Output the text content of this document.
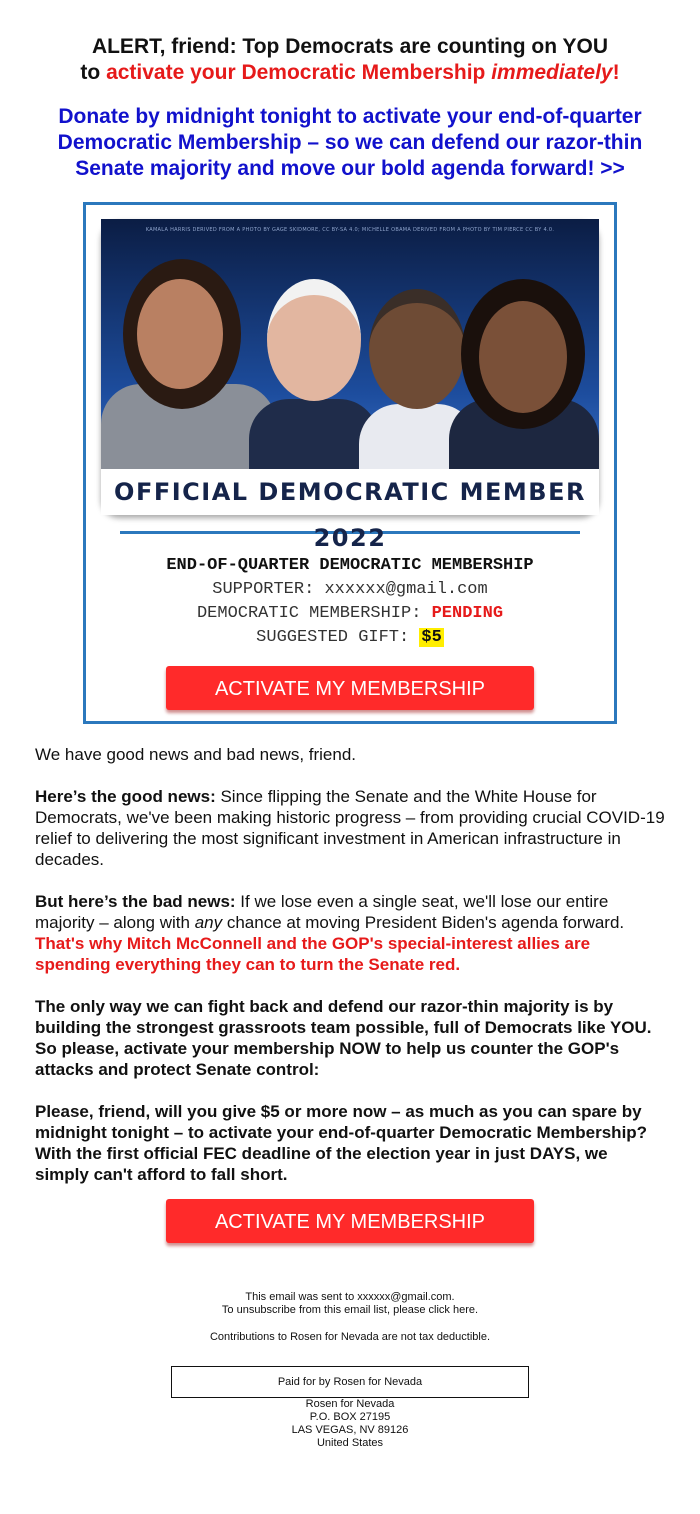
ALERT, friend: Top Democrats are counting on YOU
to activate your Democratic Membership immediately!

Donate by midnight tonight to activate your end-of-quarter Democratic Membership – so we can defend our razor-thin Senate majority and move our bold agenda forward! >>

KAMALA HARRIS DERIVED FROM A PHOTO BY GAGE SKIDMORE, CC BY-SA 4.0; MICHELLE OBAMA DERIVED FROM A PHOTO BY TIM PIERCE CC BY 4.0.
OFFICIAL DEMOCRATIC MEMBER 2022
END-OF-QUARTER DEMOCRATIC MEMBERSHIP
SUPPORTER: xxxxxx@gmail.com
DEMOCRATIC MEMBERSHIP: PENDING
SUGGESTED GIFT: $5
ACTIVATE MY MEMBERSHIP

We have good news and bad news, friend.

Here’s the good news: Since flipping the Senate and the White House for Democrats, we've been making historic progress – from providing crucial COVID-19 relief to delivering the most significant investment in American infrastructure in decades.

But here’s the bad news: If we lose even a single seat, we'll lose our entire majority – along with any chance at moving President Biden's agenda forward. That's why Mitch McConnell and the GOP's special-interest allies are spending everything they can to turn the Senate red.

The only way we can fight back and defend our razor-thin majority is by building the strongest grassroots team possible, full of Democrats like YOU. So please, activate your membership NOW to help us counter the GOP's attacks and protect Senate control:

Please, friend, will you give $5 or more now – as much as you can spare by midnight tonight – to activate your end-of-quarter Democratic Membership? With the first official FEC deadline of the election year in just DAYS, we simply can't afford to fall short.

ACTIVATE MY MEMBERSHIP

This email was sent to xxxxxx@gmail.com.

To unsubscribe from this email list, please click here.

Contributions to Rosen for Nevada are not tax deductible.

Paid for by Rosen for Nevada

Rosen for Nevada

P.O. BOX 27195

LAS VEGAS, NV 89126

United States
